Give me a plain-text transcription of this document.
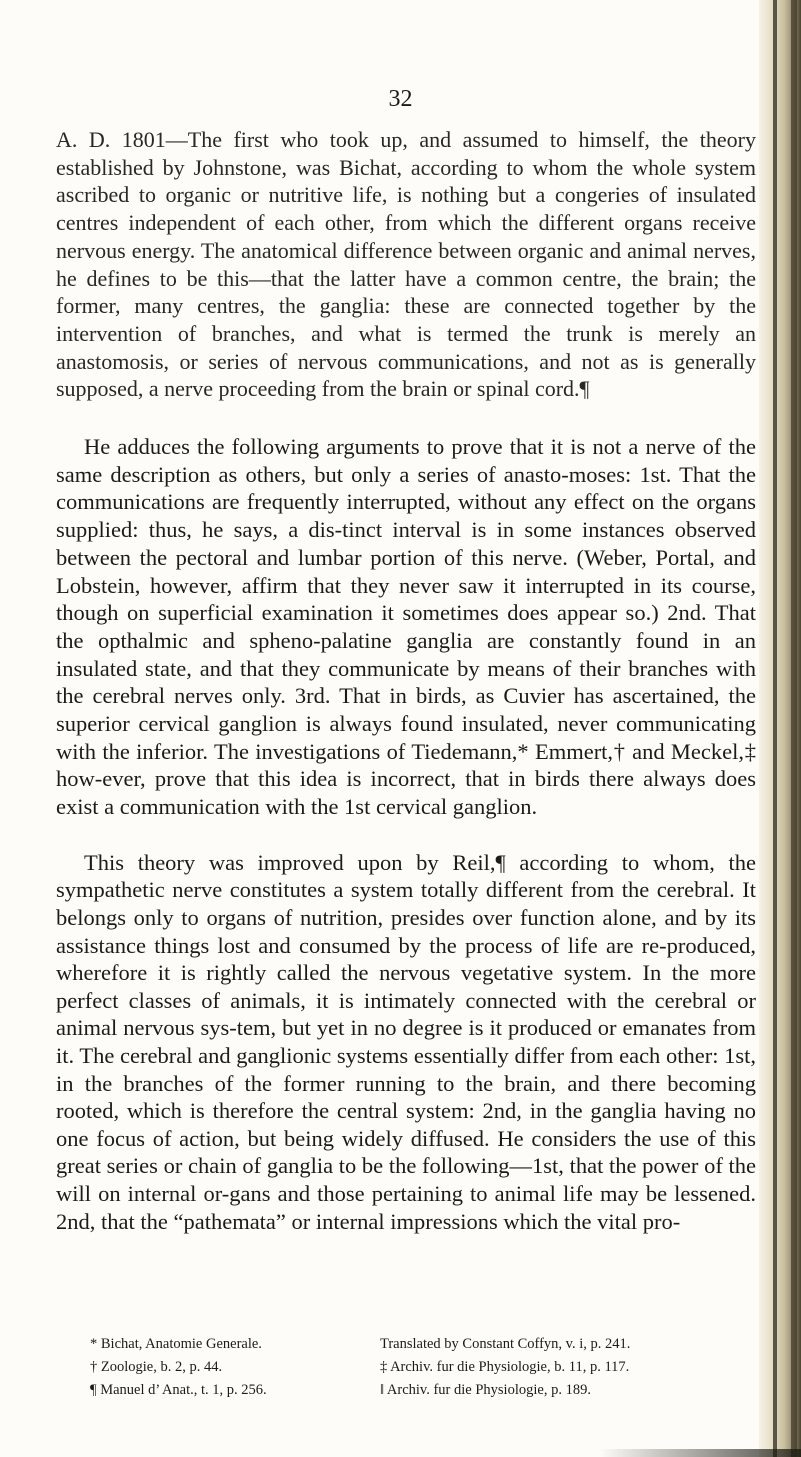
32

A. D. 1801—The first who took up, and assumed to himself, the theory established by Johnstone, was Bichat, according to whom the whole system ascribed to organic or nutritive life, is nothing but a congeries of insulated centres independent of each other, from which the different organs receive nervous energy. The anatomical difference between organic and animal nerves, he defines to be this—that the latter have a common centre, the brain; the former, many centres, the ganglia: these are connected together by the intervention of branches, and what is termed the trunk is merely an anastomosis, or series of nervous communications, and not as is generally supposed, a nerve proceeding from the brain or spinal cord.¶

He adduces the following arguments to prove that it is not a nerve of the same description as others, but only a series of anasto-moses: 1st. That the communications are frequently interrupted, without any effect on the organs supplied: thus, he says, a dis-tinct interval is in some instances observed between the pectoral and lumbar portion of this nerve. (Weber, Portal, and Lobstein, however, affirm that they never saw it interrupted in its course, though on superficial examination it sometimes does appear so.) 2nd. That the opthalmic and spheno-palatine ganglia are constantly found in an insulated state, and that they communicate by means of their branches with the cerebral nerves only. 3rd. That in birds, as Cuvier has ascertained, the superior cervical ganglion is always found insulated, never communicating with the inferior. The investigations of Tiedemann,* Emmert,† and Meckel,‡ how-ever, prove that this idea is incorrect, that in birds there always does exist a communication with the 1st cervical ganglion.

This theory was improved upon by Reil,¶ according to whom, the sympathetic nerve constitutes a system totally different from the cerebral. It belongs only to organs of nutrition, presides over function alone, and by its assistance things lost and consumed by the process of life are re-produced, wherefore it is rightly called the nervous vegetative system. In the more perfect classes of animals, it is intimately connected with the cerebral or animal nervous sys-tem, but yet in no degree is it produced or emanates from it. The cerebral and ganglionic systems essentially differ from each other: 1st, in the branches of the former running to the brain, and there becoming rooted, which is therefore the central system: 2nd, in the ganglia having no one focus of action, but being widely diffused. He considers the use of this great series or chain of ganglia to be the following—1st, that the power of the will on internal or-gans and those pertaining to animal life may be lessened. 2nd, that the “pathemata” or internal impressions which the vital pro-

* Bichat, Anatomie Generale.	Translated by Constant Coffyn, v. i, p. 241.
† Zoologie, b. 2, p. 44.	‡ Archiv. fur die Physiologie, b. 11, p. 117.
¶ Manuel d’ Anat., t. 1, p. 256.	‖ Archiv. fur die Physiologie, p. 189.
